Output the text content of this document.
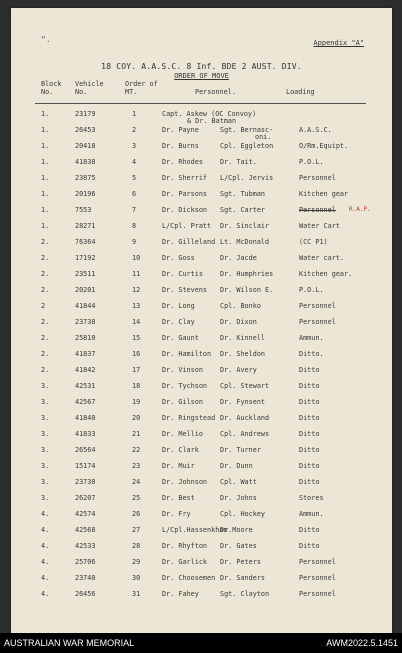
“.	Appendix "A"
18 COY. A.A.S.C. 8 Inf. BDE 2 AUST. DIV.
ORDER OF MOVE
Block No.
Vehicle No.
Order of MT.	Personnel.	Loading
1.	23179	1	Capt. Askew (OC Convoy)
& Dr. Batman
1.	26453	2	Dr. Payne	Sgt. Bernasc-	A.A.S.C.
oni.
1.	20418	3	Dr. Burns	Cpl. Eggleton	O/Rm.Equipt.
1.	41838	4	Dr. Rhodes	Dr. Tait.	P.O.L.
1.	23875	5	Dr. Sherrif L/Cpl. Jervis	Personnel
1.	20196	6	Dr. Parsons Sgt. Tubman	Kitchen gear
1.	7553	7	Dr. Dickson Sgt. Carter	Personnel R.A.P.
1.	28271	8	L/Cpl. Pratt Dr. Sinclair	Water Cart
2.	76364	9	Dr. Gilleland Lt. McDonald	(CC P1)
2.	17192	10	Dr. Goss	Dr. Jacde	Water cart.
2.	23511	11	Dr. Curtis	Dr. Humphries	Kitchen gear.
2.	20201	12	Dr. Stevens Dr. Wilson E.	P.O.L.
2	41844	13	Dr. Long	Cpl. Bonko	Personnel
2.	23738	14	Dr. Clay	Dr. Dixon	Personnel
2.	25810	15	Dr. Gaunt	Dr. Kinnell	Ammun.
2.	41837	16	Dr. Hamilton Dr. Sheldon	Ditto.
2.	41842	17	Dr. Vinson	Dr. Avery	Ditto
3.	42531	18	Dr. Tychson Cpl. Stewart	Ditto
3.	42567	19	Dr. Gilson	Dr. Fynsent	Ditto
3.	41840	20	Dr. Ringstead Dr. Auckland	Ditto
3.	41833	21	Dr. Mellio	Cpl. Andrews	Ditto
3.	26564	22	Dr. Clark	Dr. Turner	Ditto
3.	15174	23	Dr. Muir	Dr. Dunn	Ditto
3.	23730	24	Dr. Johnson Cpl. Watt	Ditto
3.	26207	25	Dr. Best	Dr. Johns	Stores
4.	42574	26	Dr. Fry	Cpl. Hockey	Ammun.
4.	42568	27	L/Cpl.Hassenkhan
Dr.Moore	Ditto
4.	42533	28	Dr. Rhyfton Dr. Gates	Ditto
4.	25706	29	Dr. Garlick Dr. Peters	Personnel
4.	23740	30	Dr. Choosemen Dr. Sanders	Personnel
4.	26456	31	Dr. Fahey	Sgt. Clayton	Personnel
AUSTRALIAN WAR MEMORIAL	AWM2022.5.1451
